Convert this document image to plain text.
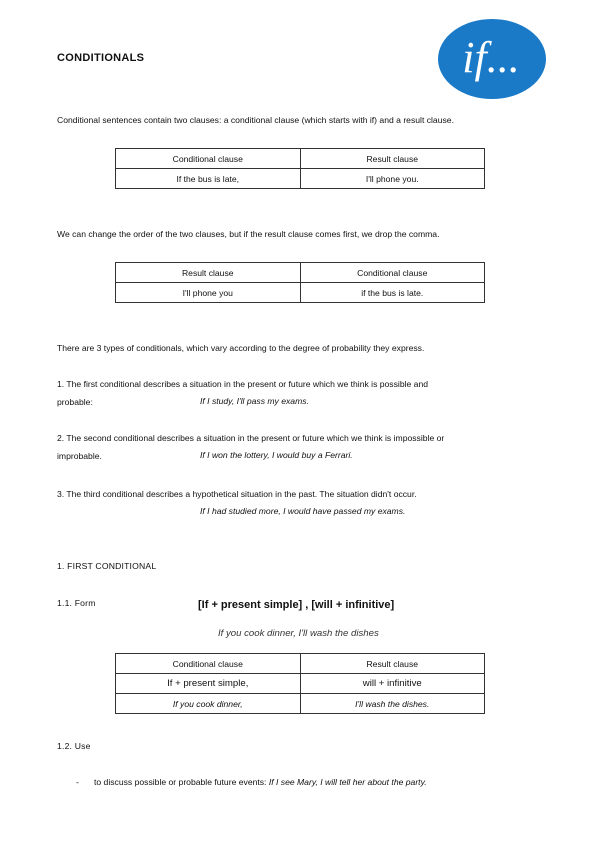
CONDITIONALS	if...
Conditional sentences contain two clauses: a conditional clause (which starts with if) and a result clause.
Conditional clause	Result clause
If the bus is late,	I'll phone you.
We can change the order of the two clauses, but if the result clause comes first, we drop the comma.
Result clause	Conditional clause
I'll phone you	if the bus is late.
There are 3 types of conditionals, which vary according to the degree of probability they express.
1. The first conditional describes a situation in the present or future which we think is possible and
probable:	If I study, I'll pass my exams.
2. The second conditional describes a situation in the present or future which we think is impossible or
improbable.	If I won the lottery, I would buy a Ferrari.
3. The third conditional describes a hypothetical situation in the past. The situation didn't occur.
If I had studied more, I would have passed my exams.
1. FIRST CONDITIONAL
1.1. Form	[If + present simple] , [will + infinitive]
If you cook dinner, I'll wash the dishes
Conditional clause	Result clause
If + present simple,	will + infinitive
If you cook dinner,	I'll wash the dishes.
1.2. Use
- to discuss possible or probable future events: If I see Mary, I will tell her about the party.
